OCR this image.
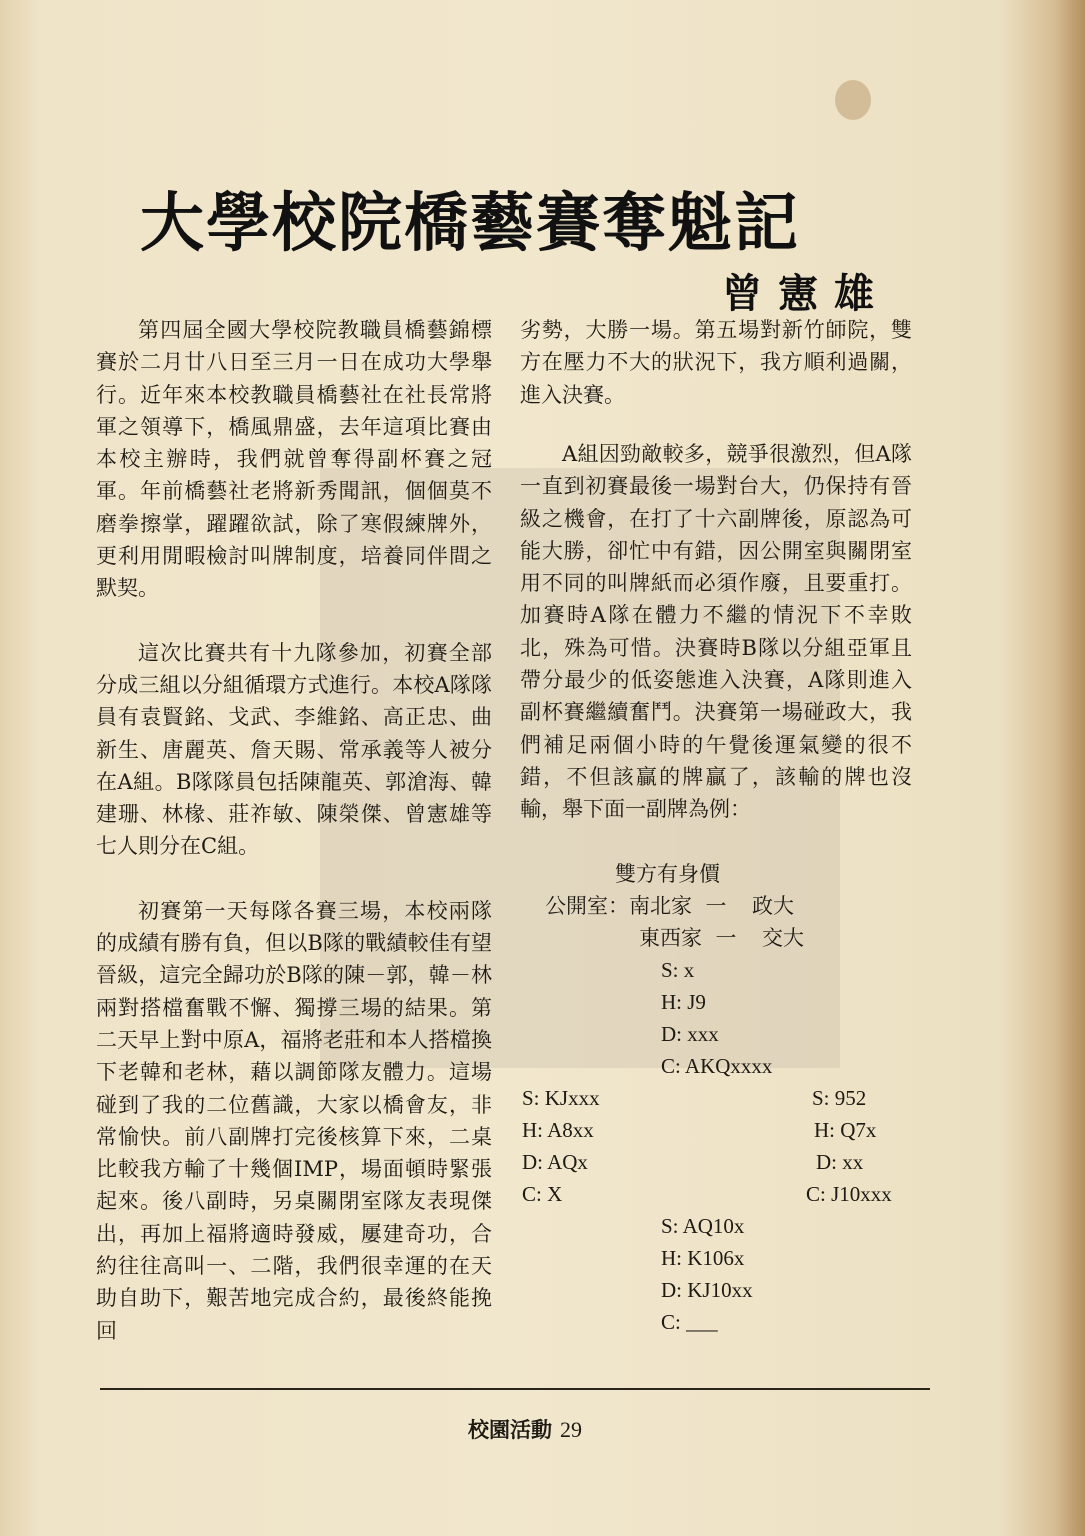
大學校院橋藝賽奪魁記
曾憲雄

第四屆全國大學校院教職員橋藝錦標賽於二月廿八日至三月一日在成功大學舉行。近年來本校教職員橋藝社在社長常將軍之領導下，橋風鼎盛，去年這項比賽由本校主辦時，我們就曾奪得副杯賽之冠軍。年前橋藝社老將新秀聞訊，個個莫不磨拳擦掌，躍躍欲試，除了寒假練牌外，更利用閒暇檢討叫牌制度，培養同伴間之默契。

這次比賽共有十九隊參加，初賽全部分成三組以分組循環方式進行。本校A隊隊員有袁賢銘、戈武、李維銘、高正忠、曲新生、唐麗英、詹天賜、常承義等人被分在A組。B隊隊員包括陳龍英、郭滄海、韓建珊、林椽、莊祚敏、陳榮傑、曾憲雄等七人則分在C組。

初賽第一天每隊各賽三場，本校兩隊的成績有勝有負，但以B隊的戰績較佳有望晉級，這完全歸功於B隊的陳－郭，韓－林兩對搭檔奮戰不懈、獨撐三場的結果。第二天早上對中原A，福將老莊和本人搭檔換下老韓和老林，藉以調節隊友體力。這場碰到了我的二位舊識，大家以橋會友，非常愉快。前八副牌打完後核算下來，二桌比較我方輸了十幾個IMP，場面頓時緊張起來。後八副時，另桌關閉室隊友表現傑出，再加上福將適時發威，屢建奇功，合約往往高叫一、二階，我們很幸運的在天助自助下，艱苦地完成合約，最後終能挽回

劣勢，大勝一場。第五場對新竹師院，雙方在壓力不大的狀況下，我方順利過關，進入決賽。

A組因勁敵較多，競爭很激烈，但A隊一直到初賽最後一場對台大，仍保持有晉級之機會，在打了十六副牌後，原認為可能大勝，卻忙中有錯，因公開室與關閉室用不同的叫牌紙而必須作廢，且要重打。加賽時A隊在體力不繼的情況下不幸敗北，殊為可惜。決賽時B隊以分組亞軍且帶分最少的低姿態進入決賽，A隊則進入副杯賽繼續奮鬥。決賽第一場碰政大，我們補足兩個小時的午覺後運氣變的很不錯，不但該贏的牌贏了，該輸的牌也沒輸，舉下面一副牌為例：

雙方有身價
公開室：南北家 一 政大
東西家 一 交大
S: x
H: J9
D: xxx
C: AKQxxxx
S: KJxxx
H: A8xx
D: AQx
C: X
S: 952
H: Q7x
D: xx
C: J10xxx
S: AQ10x
H: K106x
D: KJ10xx
C: ___
校園活動 29
